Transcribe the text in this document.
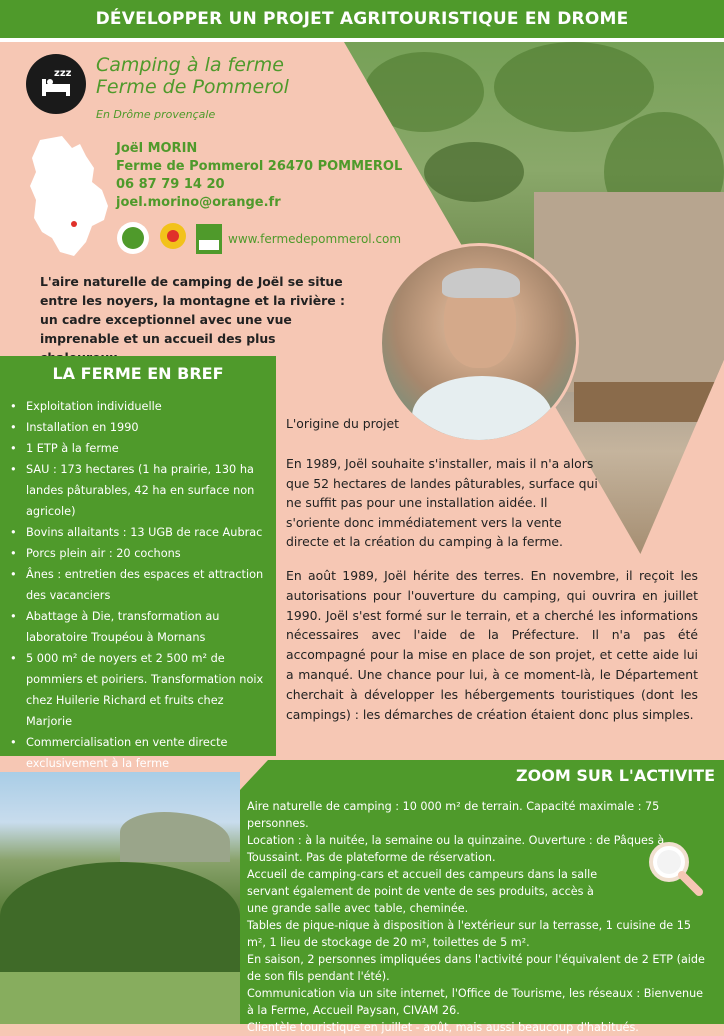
DÉVELOPPER UN PROJET AGRITOURISTIQUE EN DROME
zzz Camping à la ferme
Ferme de Pommerol
En Drôme provençale
Joël MORIN
Ferme de Pommerol 26470 POMMEROL
06 87 79 14 20
joel.morino@orange.fr
www.fermedepommerol.com
L'aire naturelle de camping de Joël se situe entre les noyers, la montagne et la rivière : un cadre exceptionnel avec une vue imprenable et un accueil des plus
LA FERME EN BREF
• Exploitation individuelle
• Installation en 1990
• 1 ETP à la ferme
• SAU : 173 hectares (1 ha prairie, 130 ha landes pâturables, 42 ha en surface non agricole)
• Bovins allaitants : 13 UGB de race Aubrac
• Porcs plein air : 20 cochons
• Ânes : entretien des espaces et attraction des vacanciers
• Abattage à Die, transformation au laboratoire Troupéou à Mornans
• 5 000 m² de noyers et 2 500 m² de pommiers et poiriers. Transformation noix chez Huilerie Richard et fruits chez Marjorie
• Commercialisation en vente directe exclusivement à la ferme
L'origine du projet
En 1989, Joël souhaite s'installer, mais il n'a alors que 52 hectares de landes pâturables, surface qui ne suffit pas pour une installation aidée. Il s'oriente donc immédiatement vers la vente directe et la création du camping à la ferme.
En août 1989, Joël hérite des terres. En novembre, il reçoit les autorisations pour l'ouverture du camping, qui ouvrira en juillet 1990. Joël s'est formé sur le terrain, et a cherché les informations nécessaires avec l'aide de la Préfecture. Il n'a pas été accompagné pour la mise en place de son projet, et cette aide lui a manqué. Une chance pour lui, à ce moment-là, le Département cherchait à développer les hébergements touristiques (dont les campings) : les démarches de création étaient donc plus simples.
ZOOM SUR L'ACTIVITE

Aire naturelle de camping : 10 000 m² de terrain. Capacité maximale : 75 personnes.

Location : à la nuitée, la semaine ou la quinzaine. Ouverture : de Pâques à Toussaint. Pas de plateforme de réservation.

Accueil de camping-cars et accueil des campeurs dans la salle servant également de point de vente de ses produits, accès à une grande salle avec table, cheminée.

Tables de pique-nique à disposition à l'extérieur sur la terrasse, 1 cuisine de 15 m², 1 lieu de stockage de 20 m², toilettes de 5 m².

En saison, 2 personnes impliquées dans l'activité pour l'équivalent de 2 ETP (aide de son fils pendant l'été).

Communication via un site internet, l'Office de Tourisme, les réseaux : Bienvenue à la Ferme, Accueil Paysan, CIVAM 26.

Clientèle touristique en juillet - août, mais aussi beaucoup d'habitués.
